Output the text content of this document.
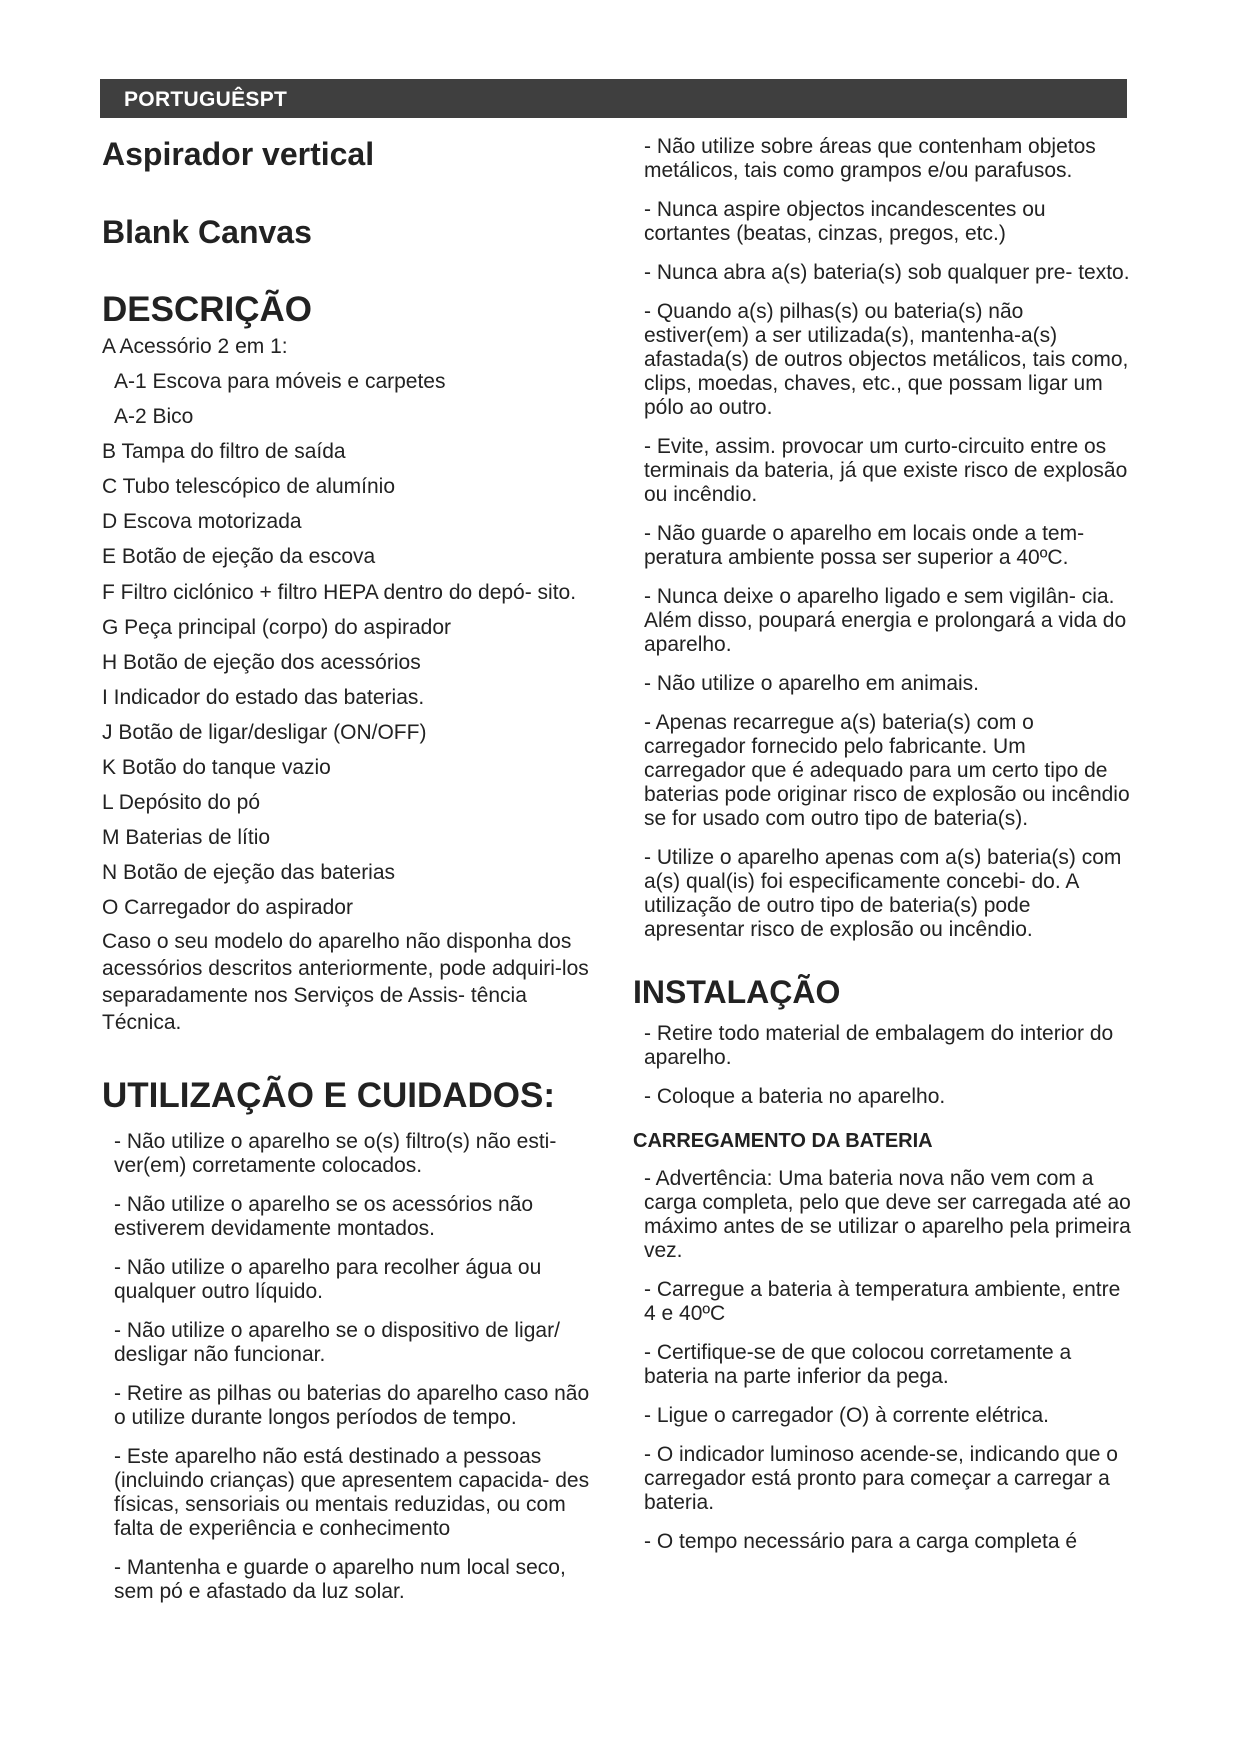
PORTUGUÊSPT
Aspirador vertical
Blank Canvas
DESCRIÇÃO
A Acessório 2 em 1:
A-1 Escova para móveis e carpetes
A-2 Bico
B Tampa do filtro de saída
C Tubo telescópico de alumínio
D Escova motorizada
E Botão de ejeção da escova
F Filtro ciclónico + filtro HEPA dentro do depó- sito.
G Peça principal (corpo) do aspirador
H Botão de ejeção dos acessórios
I Indicador do estado das baterias.
J Botão de ligar/desligar (ON/OFF)
K Botão do tanque vazio
L Depósito do pó
M Baterias de lítio
N Botão de ejeção das baterias
O Carregador do aspirador

Caso o seu modelo do aparelho não disponha dos acessórios descritos anteriormente, pode adquiri-los separadamente nos Serviços de Assis- tência Técnica.

UTILIZAÇÃO E CUIDADOS:

- Não utilize o aparelho se o(s) filtro(s) não esti- ver(em) corretamente colocados.

- Não utilize o aparelho se os acessórios não estiverem devidamente montados.

- Não utilize o aparelho para recolher água ou qualquer outro líquido.

- Não utilize o aparelho se o dispositivo de ligar/ desligar não funcionar.

- Retire as pilhas ou baterias do aparelho caso não o utilize durante longos períodos de tempo.

- Este aparelho não está destinado a pessoas (incluindo crianças) que apresentem capacida- des físicas, sensoriais ou mentais reduzidas, ou com falta de experiência e conhecimento

- Mantenha e guarde o aparelho num local seco, sem pó e afastado da luz solar.

- Não utilize sobre áreas que contenham objetos metálicos, tais como grampos e/ou parafusos.

- Nunca aspire objectos incandescentes ou cortantes (beatas, cinzas, pregos, etc.)

- Nunca abra a(s) bateria(s) sob qualquer pre- texto.

- Quando a(s) pilhas(s) ou bateria(s) não estiver(em) a ser utilizada(s), mantenha-a(s) afastada(s) de outros objectos metálicos, tais como, clips, moedas, chaves, etc., que possam ligar um pólo ao outro.

- Evite, assim. provocar um curto-circuito entre os terminais da bateria, já que existe risco de explosão ou incêndio.

- Não guarde o aparelho em locais onde a tem- peratura ambiente possa ser superior a 40ºC.

- Nunca deixe o aparelho ligado e sem vigilân- cia. Além disso, poupará energia e prolongará a vida do aparelho.

- Não utilize o aparelho em animais.

- Apenas recarregue a(s) bateria(s) com o carregador fornecido pelo fabricante. Um carregador que é adequado para um certo tipo de baterias pode originar risco de explosão ou incêndio se for usado com outro tipo de bateria(s).

- Utilize o aparelho apenas com a(s) bateria(s) com a(s) qual(is) foi especificamente concebi- do. A utilização de outro tipo de bateria(s) pode apresentar risco de explosão ou incêndio.

INSTALAÇÃO

- Retire todo material de embalagem do interior do aparelho.

- Coloque a bateria no aparelho.

CARREGAMENTO DA BATERIA

- Advertência: Uma bateria nova não vem com a carga completa, pelo que deve ser carregada até ao máximo antes de se utilizar o aparelho pela primeira vez.

- Carregue a bateria à temperatura ambiente, entre 4 e 40ºC

- Certifique-se de que colocou corretamente a bateria na parte inferior da pega.

- Ligue o carregador (O) à corrente elétrica.

- O indicador luminoso acende-se, indicando que o carregador está pronto para começar a carregar a bateria.

- O tempo necessário para a carga completa é
